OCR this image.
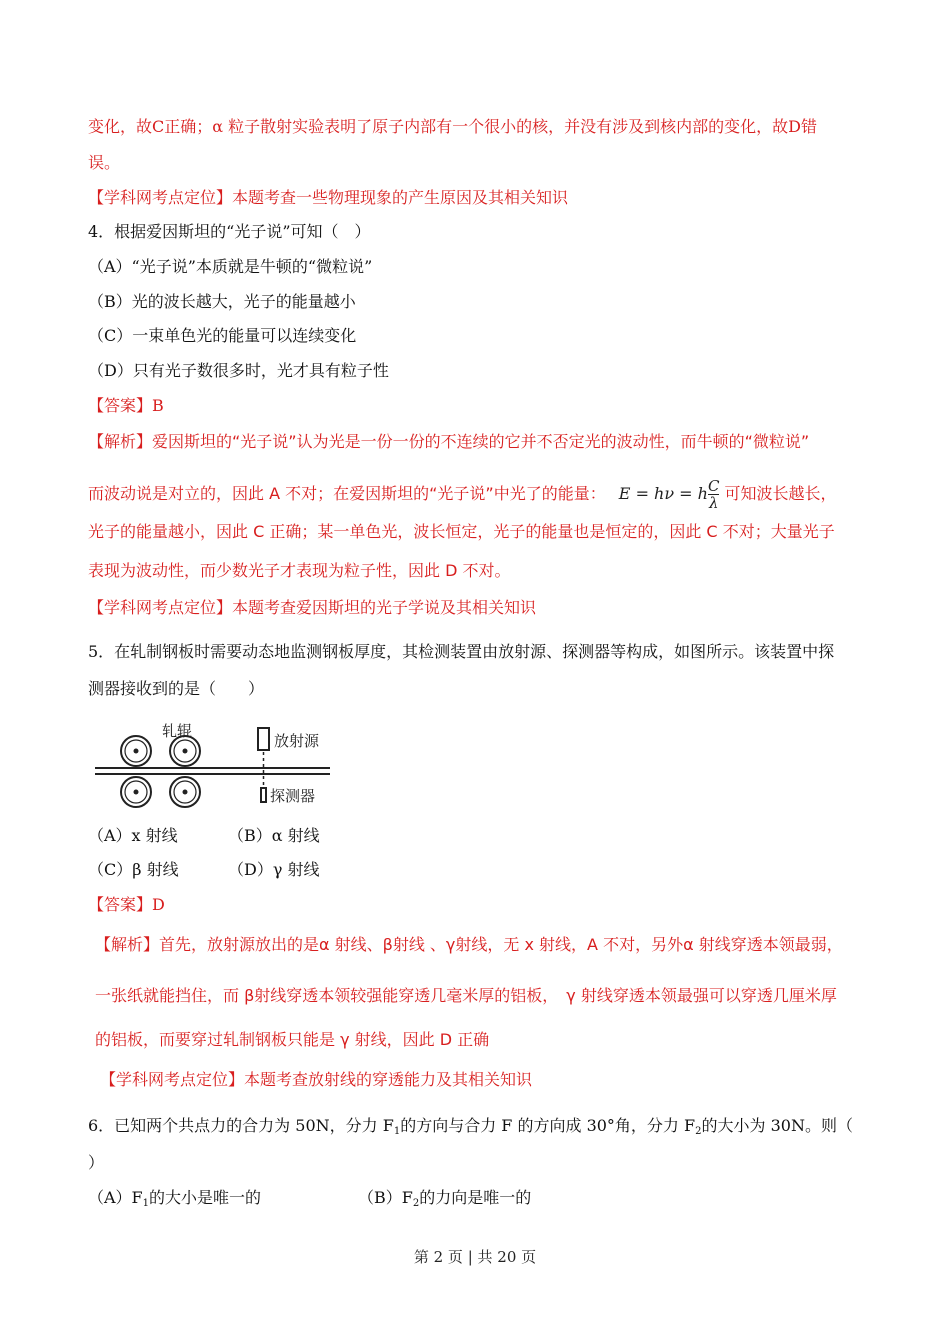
变化，故C正确；α 粒子散射实验表明了原子内部有一个很小的核，并没有涉及到核内部的变化，故D错
误。
【学科网考点定位】本题考查一些物理现象的产生原因及其相关知识
4．根据爱因斯坦的“光子说”可知（　）
（A）“光子说”本质就是牛顿的“微粒说”
（B）光的波长越大，光子的能量越小
（C）一束单色光的能量可以连续变化
（D）只有光子数很多时，光才具有粒子性
【答案】B
【解析】爱因斯坦的“光子说”认为光是一份一份的不连续的它并不否定光的波动性，而牛顿的“微粒说”
而波动说是对立的，因此 A 不对；在爱因斯坦的“光子说”中光了的能量： E = hν = h $\frac{C}{\lambda}$ 可知波长越长，
光子的能量越小，因此 C 正确；某一单色光，波长恒定，光子的能量也是恒定的，因此 C 不对；大量光子
表现为波动性，而少数光子才表现为粒子性，因此 D 不对。
【学科网考点定位】本题考查爱因斯坦的光子学说及其相关知识
5．在轧制钢板时需要动态地监测钢板厚度，其检测装置由放射源、探测器等构成，如图所示。该装置中探
测器接收到的是（　　）
轧辊
放射源
探测器
（A）x 射线	（B）α 射线
（C）β 射线	（D）γ 射线
【答案】D
【解析】首先，放射源放出的是α 射线、β射线 、γ射线，无 x 射线，A 不对，另外α 射线穿透本领最弱，
一张纸就能挡住，而 β射线穿透本领较强能穿透几毫米厚的铝板，　γ 射线穿透本领最强可以穿透几厘米厚
的铝板，而要穿过轧制钢板只能是 γ 射线，因此 D 正确
【学科网考点定位】本题考查放射线的穿透能力及其相关知识
6．已知两个共点力的合力为 50N，分力 $F_1$的方向与合力 F 的方向成 30°角，分力 $F_2$的大小为 30N。则（
）
$(A)F_1$的大小是唯一的	$(B)F_2$的力向是唯一的
第 2 页 | 共 20 页
